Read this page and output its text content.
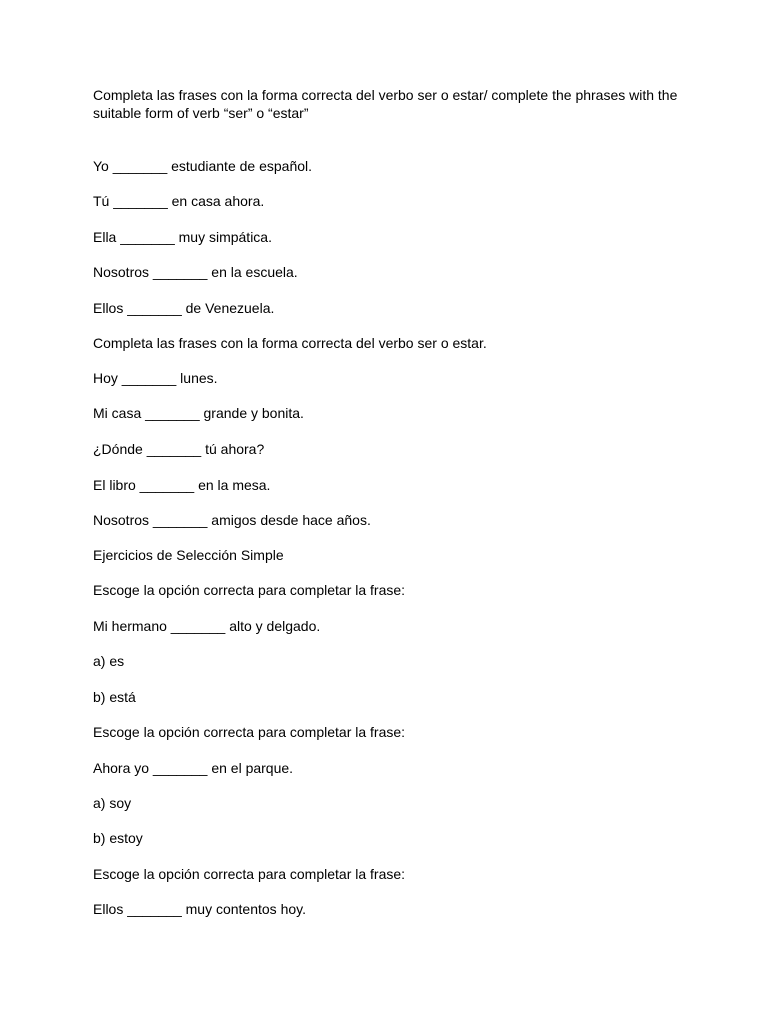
Completa las frases con la forma correcta del verbo ser o estar/ complete the phrases with the suitable form of verb “ser” o “estar”

Yo _______ estudiante de español.

Tú _______ en casa ahora.

Ella _______ muy simpática.

Nosotros _______ en la escuela.

Ellos _______ de Venezuela.

Completa las frases con la forma correcta del verbo ser o estar.

Hoy _______ lunes.

Mi casa _______ grande y bonita.

¿Dónde _______ tú ahora?

El libro _______ en la mesa.

Nosotros _______ amigos desde hace años.

Ejercicios de Selección Simple

Escoge la opción correcta para completar la frase:

Mi hermano _______ alto y delgado.

a) es

b) está

Escoge la opción correcta para completar la frase:

Ahora yo _______ en el parque.

a) soy

b) estoy

Escoge la opción correcta para completar la frase:

Ellos _______ muy contentos hoy.
